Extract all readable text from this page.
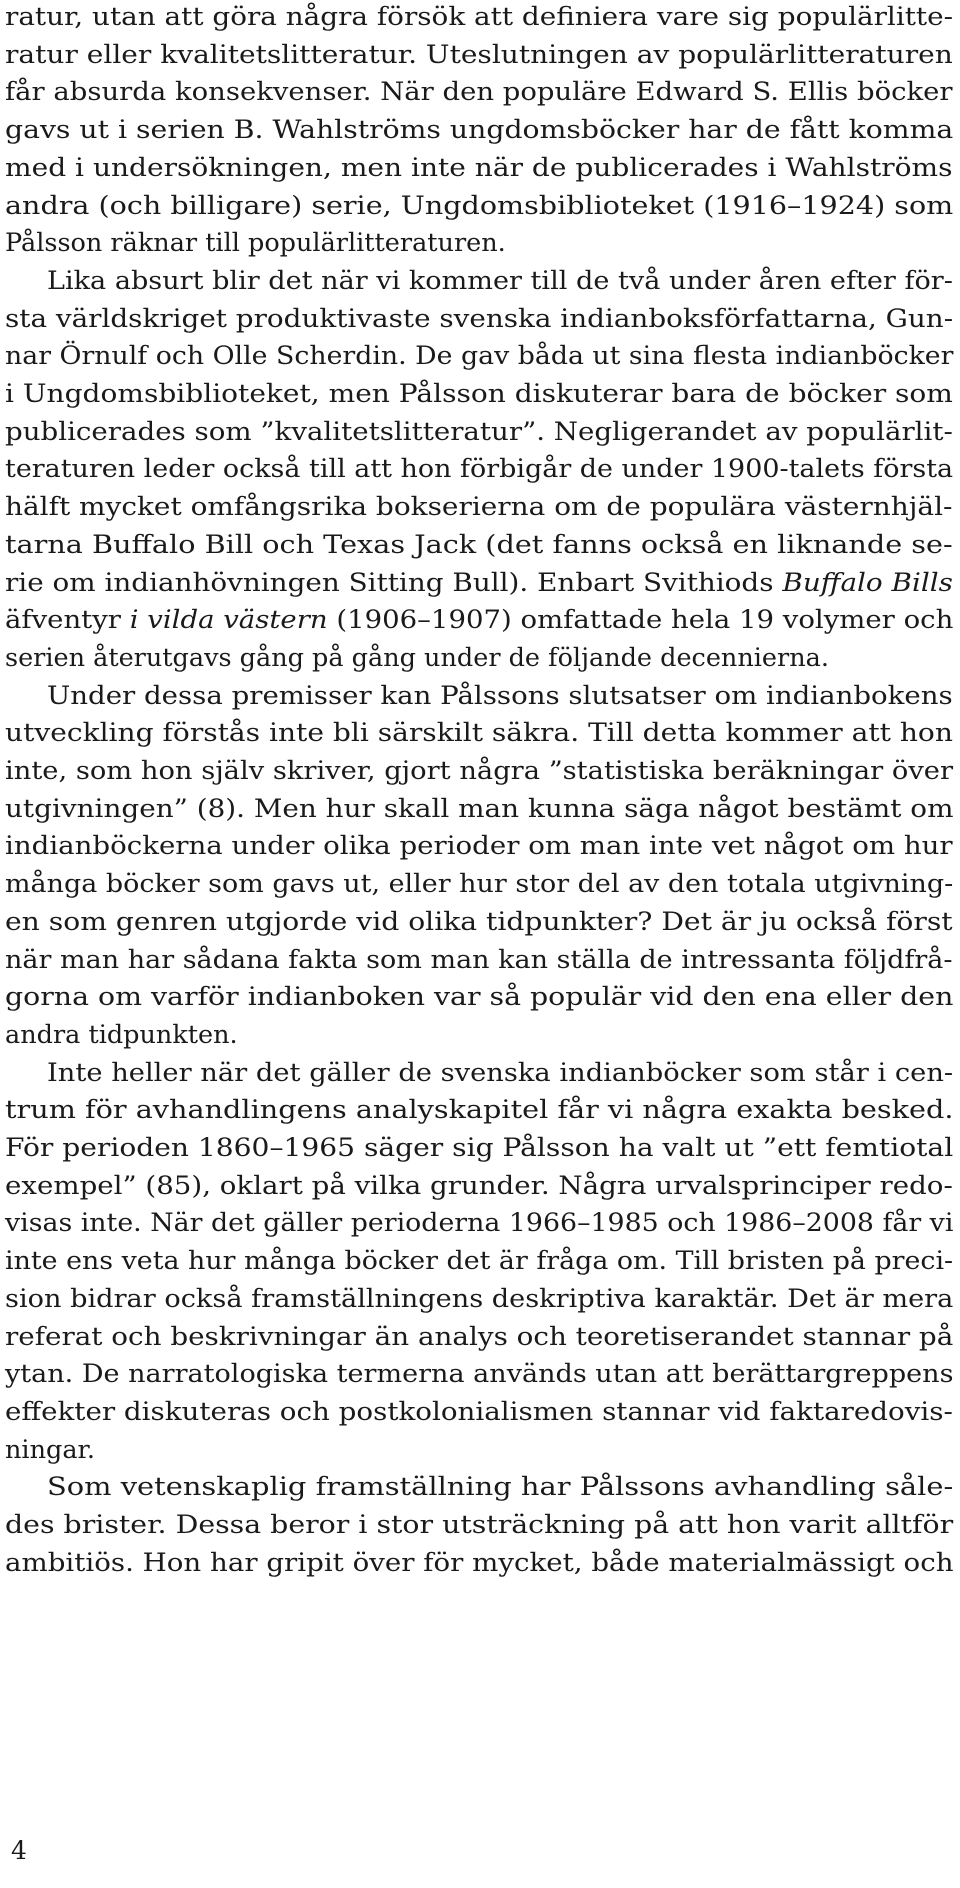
ratur, utan att göra några försök att definiera vare sig populärlitte-
ratur eller kvalitetslitteratur. Uteslutningen av populärlitteraturen
får absurda konsekvenser. När den populäre Edward S. Ellis böcker
gavs ut i serien B. Wahlströms ungdomsböcker har de fått komma
med i undersökningen, men inte när de publicerades i Wahlströms
andra (och billigare) serie, Ungdomsbiblioteket (1916–1924) som
Pålsson räknar till populärlitteraturen.
Lika absurt blir det när vi kommer till de två under åren efter för-
sta världskriget produktivaste svenska indianboksförfattarna, Gun-
nar Örnulf och Olle Scherdin. De gav båda ut sina flesta indianböcker
i Ungdomsbiblioteket, men Pålsson diskuterar bara de böcker som
publicerades som ”kvalitetslitteratur”. Negligerandet av populärlit-
teraturen leder också till att hon förbigår de under 1900-talets första
hälft mycket omfångsrika bokserierna om de populära västernhjäl-
tarna Buffalo Bill och Texas Jack (det fanns också en liknande se-
rie om indianhövningen Sitting Bull). Enbart Svithiods Buffalo Bills
äfventyr i vilda västern (1906–1907) omfattade hela 19 volymer och
serien återutgavs gång på gång under de följande decennierna.
Under dessa premisser kan Pålssons slutsatser om indianbokens
utveckling förstås inte bli särskilt säkra. Till detta kommer att hon
inte, som hon själv skriver, gjort några ”statistiska beräkningar över
utgivningen” (8). Men hur skall man kunna säga något bestämt om
indianböckerna under olika perioder om man inte vet något om hur
många böcker som gavs ut, eller hur stor del av den totala utgivning-
en som genren utgjorde vid olika tidpunkter? Det är ju också först
när man har sådana fakta som man kan ställa de intressanta följdfrå-
gorna om varför indianboken var så populär vid den ena eller den
andra tidpunkten.
Inte heller när det gäller de svenska indianböcker som står i cen-
trum för avhandlingens analyskapitel får vi några exakta besked.
För perioden 1860–1965 säger sig Pålsson ha valt ut ”ett femtiotal
exempel” (85), oklart på vilka grunder. Några urvalsprinciper redo-
visas inte. När det gäller perioderna 1966–1985 och 1986–2008 får vi
inte ens veta hur många böcker det är fråga om. Till bristen på preci-
sion bidrar också framställningens deskriptiva karaktär. Det är mera
referat och beskrivningar än analys och teoretiserandet stannar på
ytan. De narratologiska termerna används utan att berättargreppens
effekter diskuteras och postkolonialismen stannar vid faktaredovis-
ningar.
Som vetenskaplig framställning har Pålssons avhandling såle-
des brister. Dessa beror i stor utsträckning på att hon varit alltför
ambitiös. Hon har gripit över för mycket, både materialmässigt och
4
